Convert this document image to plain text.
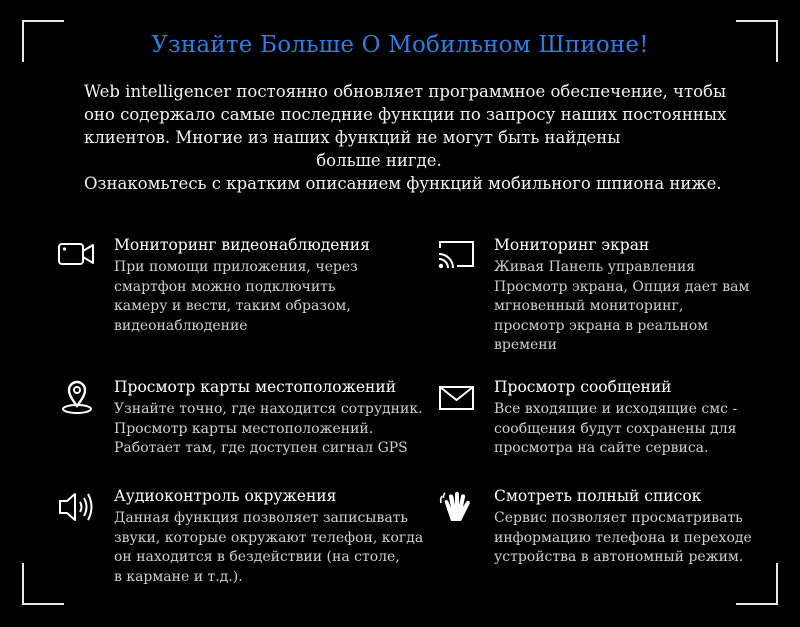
Узнайте Больше О Мобильном Шпионе!
Web intelligencer постоянно обновляет программное обеспечение, чтобы
оно содержало самые последние функции по запросу наших постоянных
клиентов. Многие из наших функций не могут быть найдены
больше нигде.
Ознакомьтесь с кратким описанием функций мобильного шпиона ниже.
Мониторинг видеонаблюдения
При помощи приложения, через
смартфон можно подключить
камеру и вести, таким образом,
видеонаблюдение
Мониторинг экран
Живая Панель управления
Просмотр экрана, Опция дает вам
мгновенный мониторинг,
просмотр экрана в реальном
времени
Просмотр карты местоположений
Узнайте точно, где находится сотрудник.
Просмотр карты местоположений.
Работает там, где доступен сигнал GPS
Просмотр сообщений
Все входящие и исходящие смс -
сообщения будут сохранены для
просмотра на сайте сервиса.
Аудиоконтроль окружения
Данная функция позволяет записывать
звуки, которые окружают телефон, когда
он находится в бездействии (на столе,
в кармане и т.д.).
Смотреть полный список
Сервис позволяет просматривать
информацию телефона и переходе
устройства в автономный режим.
